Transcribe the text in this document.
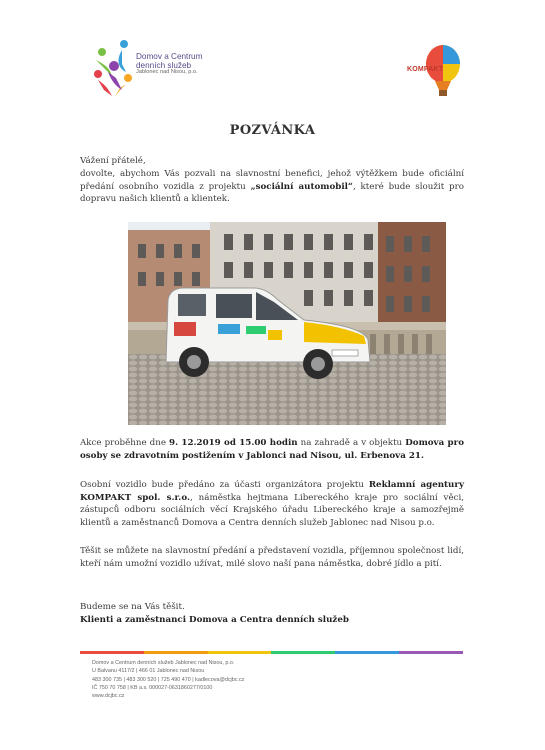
Domov a Centrum
denních služeb
Jablonec nad Nisou, p.o.	KOMPAKT
POZVÁNKA
Vážení přátelé,
dovolte, abychom Vás pozvali na slavnostní benefici, jehož výtěžkem bude oficiální předání osobního vozidla z projektu „sociální automobil“, které bude sloužit pro dopravu našich klientů a klientek.
Akce proběhne dne 9. 12.2019 od 15.00 hodin na zahradě a v objektu Domova pro osoby se zdravotním postižením v Jablonci nad Nisou, ul. Erbenova 21.
Osobní vozidlo bude předáno za účasti organizátora projektu Reklamní agentury KOMPAKT spol. s.r.o., náměstka hejtmana Libereckého kraje pro sociální věci, zástupců odboru sociálních věcí Krajského úřadu Libereckého kraje a samozřejmě klientů a zaměstnanců Domova a Centra denních služeb Jablonec nad Nisou p.o.
Těšit se můžete na slavnostní předání a představení vozidla, příjemnou společnost lidí, kteří nám umožní vozidlo užívat, milé slovo naší pana náměstka, dobré jídlo a pití.
Budeme se na Vás těšit.
Klienti a zaměstnanci Domova a Centra denních služeb
Domov a Centrum denních služeb Jablonec nad Nisou, p.o.
U Balvanu 4117/2 | 466 01 Jablonec nad Nisou
483 300 735 | 483 300 520 | 725 490 470 | kadlecova@dcjbc.cz
IČ 750 70 758 | KB a.s. 000027-0631860277/0100
www.dcjbc.cz
